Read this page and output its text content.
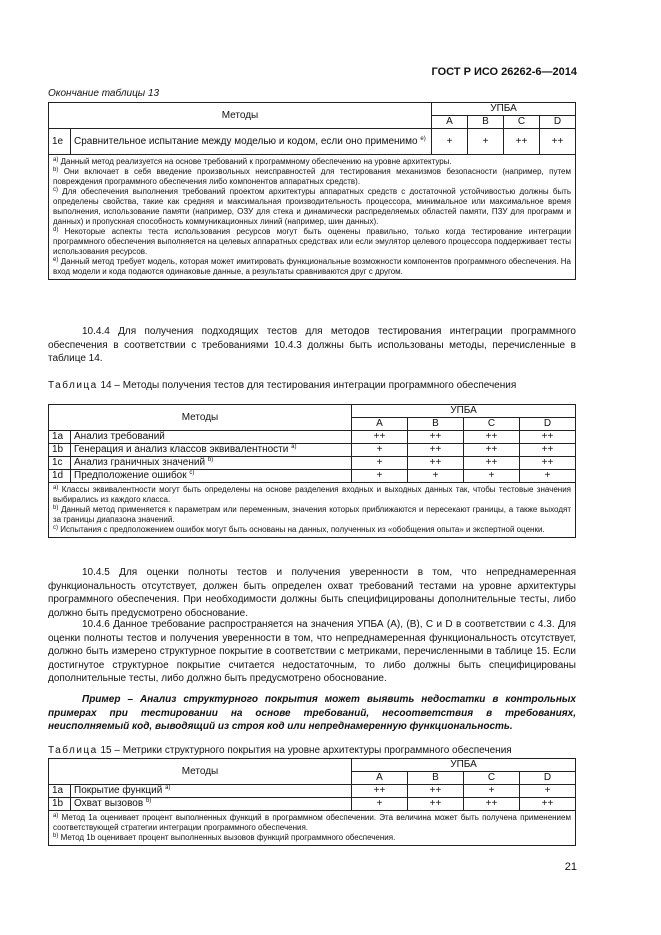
ГОСТ Р ИСО 26262-6—2014
Окончание таблицы 13
Методы		УПБА			
		A	B	C	D
1e	Сравнительное испытание между моделью и кодом, если оно применимо $^{e)}$	+	+	++	++

$^{a)}$ Данный метод реализуется на основе требований к программному обеспечению на уровне архитектуры.
$^{b)}$ Они включает в себя введение произвольных неисправностей для тестирования механизмов безопасности (например, путем повреждения программного обеспечения либо компонентов аппаратных средств).
$^{c)}$ Для обеспечения выполнения требований проектом архитектуры аппаратных средств с достаточной устойчивостью должны быть определены свойства, такие как средняя и максимальная производительность процессора, минимальное или максимальное время выполнения, использование памяти (например, ОЗУ для стека и динамически распределяемых областей памяти, ПЗУ для программ и данных) и пропускная способность коммуникационных линий (например, шин данных).
$^{d)}$ Некоторые аспекты теста использования ресурсов могут быть оценены правильно, только когда тестирование интеграции программного обеспечения выполняется на целевых аппаратных средствах или если эмулятор целевого процессора поддерживает тесты использования ресурсов.
$^{e)}$ Данный метод требует модель, которая может имитировать функциональные возможности компонентов программного обеспечения. На вход модели и кода подаются одинаковые данные, а результаты сравниваются друг с другом.					
10.4.4 Для получения подходящих тестов для методов тестирования интеграции программного обеспечения в соответствии с требованиями 10.4.3 должны быть использованы методы, перечисленные в таблице 14.
Таблица 14 – Методы получения тестов для тестирования интеграции программного обеспечения
Методы		УПБА			
		A	B	C	D
1a	Анализ требований	++	++	++	++
1b	Генерация и анализ классов эквивалентности $^{a)}$	+	++	++	++
1c	Анализ граничных значений $^{b)}$	+	++	++	++
1d	Предположение ошибок $^{c)}$	+	+	+	+

$^{a)}$ Классы эквивалентности могут быть определены на основе разделения входных и выходных данных так, чтобы тестовые значения выбирались из каждого класса.
$^{b)}$ Данный метод применяется к параметрам или переменным, значения которых приближаются и пересекают границы, а также выходят за границы диапазона значений.
$^{c)}$ Испытания с предположением ошибок могут быть основаны на данных, полученных из «обобщения опыта» и экспертной оценки.					
10.4.5 Для оценки полноты тестов и получения уверенности в том, что непреднамеренная функциональность отсутствует, должен быть определен охват требований тестами на уровне архитектуры программного обеспечения. При необходимости должны быть специфицированы дополнительные тесты, либо должно быть предусмотрено обоснование.
10.4.6 Данное требование распространяется на значения УПБА (А), (В), С и D в соответствии с 4.3. Для оценки полноты тестов и получения уверенности в том, что непреднамеренная функциональность отсутствует, должно быть измерено структурное покрытие в соответствии с метриками, перечисленными в таблице 15. Если достигнутое структурное покрытие считается недостаточным, то либо должны быть специфицированы дополнительные тесты, либо должно быть предусмотрено обоснование.
Пример – Анализ структурного покрытия может выявить недостатки в контрольных примерах при тестировании на основе требований, несоответствия в требованиях, неисполняемый код, выводящий из строя код или непреднамеренную функциональность.
Таблица 15 – Метрики структурного покрытия на уровне архитектуры программного обеспечения
Методы		УПБА			
		A	B	C	D
1a	Покрытие функций $^{a)}$	++	++	+	+
1b	Охват вызовов $^{b)}$	+	++	++	++

$^{a)}$ Метод 1a оценивает процент выполненных функций в программном обеспечении. Эта величина может быть получена применением соответствующей стратегии интеграции программного обеспечения.
$^{b)}$ Метод 1b оценивает процент выполненных вызовов функций программного обеспечения.					
21
